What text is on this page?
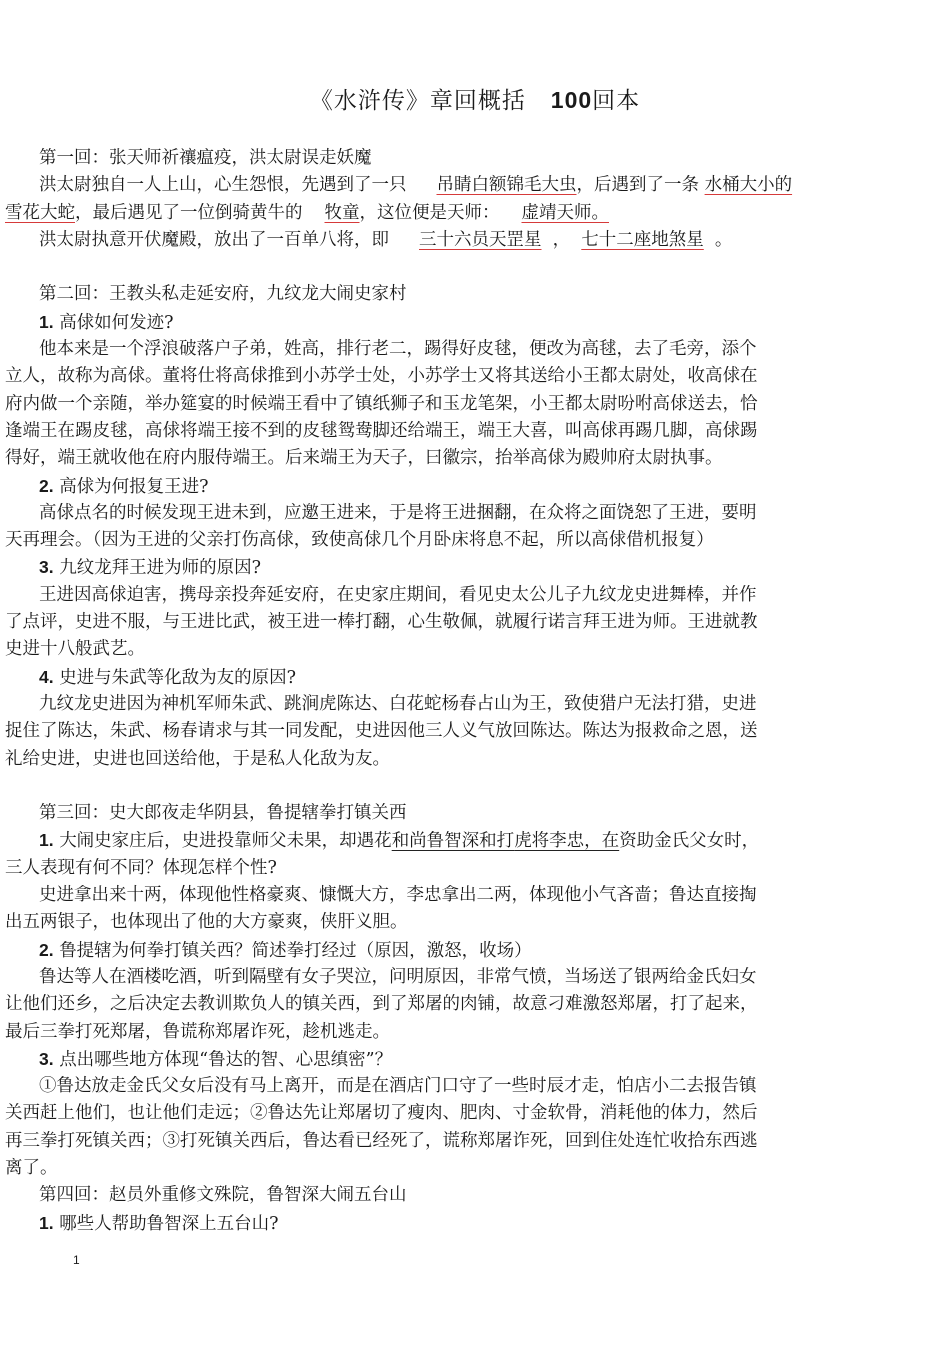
《水浒传》章回概括 100回本
第一回：张天师祈禳瘟疫，洪太尉误走妖魔
洪太尉独自一人上山，心生怨恨，先遇到了一只 吊睛白额锦毛大虫，后遇到了一条 水桶大小的
雪花大蛇，最后遇见了一位倒骑黄牛的 牧童，这位便是天师： 虚靖天师。
洪太尉执意开伏魔殿，放出了一百单八将，即 三十六员天罡星 ， 七十二座地煞星 。
第二回：王教头私走延安府，九纹龙大闹史家村
1. 高俅如何发迹?
他本来是一个浮浪破落户子弟，姓高，排行老二，踢得好皮毬，便改为高毬，去了毛旁，添个
立人，故称为高俅。董将仕将高俅推到小苏学士处，小苏学士又将其送给小王都太尉处，收高俅在
府内做一个亲随，举办筵宴的时候端王看中了镇纸狮子和玉龙笔架，小王都太尉吩咐高俅送去，恰
逢端王在踢皮毬，高俅将端王接不到的皮毬鸳鸯脚还给端王，端王大喜，叫高俅再踢几脚，高俅踢
得好，端王就收他在府内服侍端王。后来端王为天子，曰徽宗，抬举高俅为殿帅府太尉执事。
2. 高俅为何报复王进?
高俅点名的时候发现王进未到，应邀王进来，于是将王进捆翻，在众将之面饶恕了王进，要明
天再理会。（因为王进的父亲打伤高俅，致使高俅几个月卧床将息不起，所以高俅借机报复）
3. 九纹龙拜王进为师的原因?
王进因高俅迫害，携母亲投奔延安府，在史家庄期间，看见史太公儿子九纹龙史进舞棒，并作
了点评，史进不服，与王进比武，被王进一棒打翻，心生敬佩，就履行诺言拜王进为师。王进就教
史进十八般武艺。
4. 史进与朱武等化敌为友的原因?
九纹龙史进因为神机军师朱武、跳涧虎陈达、白花蛇杨春占山为王，致使猎户无法打猎，史进
捉住了陈达，朱武、杨春请求与其一同发配，史进因他三人义气放回陈达。陈达为报救命之恩，送
礼给史进，史进也回送给他，于是私人化敌为友。
第三回：史大郎夜走华阴县，鲁提辖拳打镇关西
1. 大闹史家庄后，史进投靠师父未果，却遇花和尚鲁智深和打虎将李忠，在资助金氏父女时，
三人表现有何不同？体现怎样个性?
史进拿出来十两，体现他性格豪爽、慷慨大方，李忠拿出二两，体现他小气吝啬；鲁达直接掏
出五两银子，也体现出了他的大方豪爽，侠肝义胆。
2. 鲁提辖为何拳打镇关西？简述拳打经过（原因，激怒，收场）
鲁达等人在酒楼吃酒，听到隔壁有女子哭泣，问明原因，非常气愤，当场送了银两给金氏妇女
让他们还乡，之后决定去教训欺负人的镇关西，到了郑屠的肉铺，故意刁难激怒郑屠，打了起来，
最后三拳打死郑屠，鲁谎称郑屠诈死，趁机逃走。
3. 点出哪些地方体现“鲁达的智、心思缜密”？
①鲁达放走金氏父女后没有马上离开，而是在酒店门口守了一些时辰才走，怕店小二去报告镇
关西赶上他们，也让他们走远；②鲁达先让郑屠切了瘦肉、肥肉、寸金软骨，消耗他的体力，然后
再三拳打死镇关西；③打死镇关西后，鲁达看已经死了，谎称郑屠诈死，回到住处连忙收拾东西逃
离了。
第四回：赵员外重修文殊院，鲁智深大闹五台山
1. 哪些人帮助鲁智深上五台山?
1
